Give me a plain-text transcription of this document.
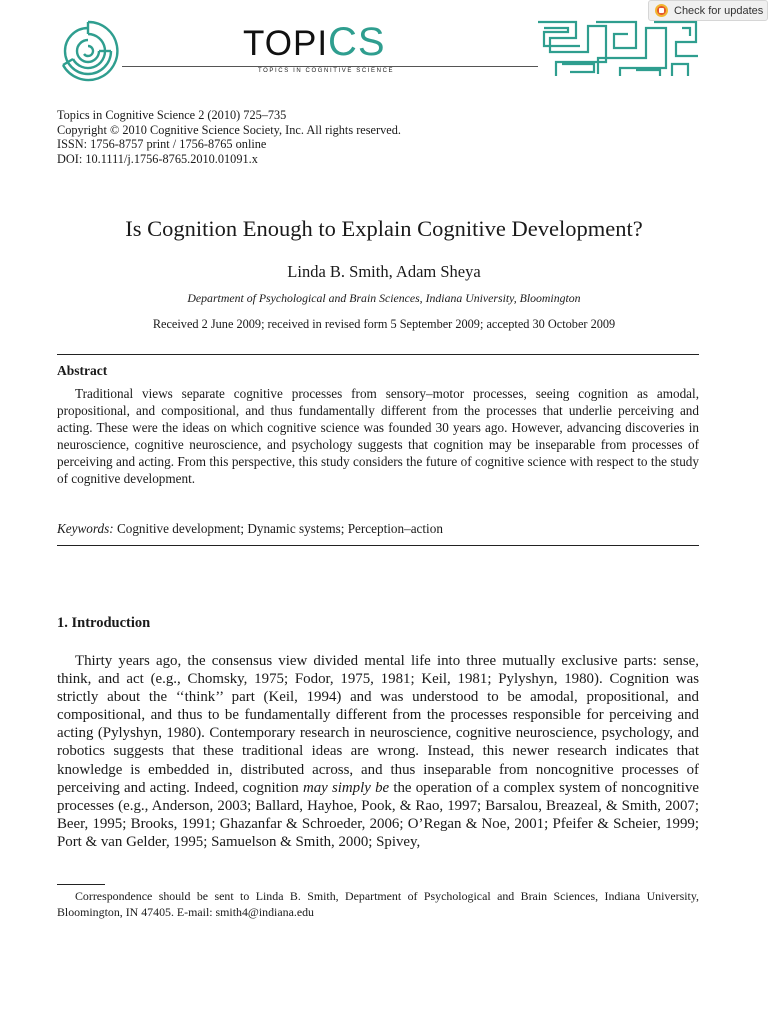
TOPICS
TOPICS IN COGNITIVE SCIENCE
Check for updates
Topics in Cognitive Science 2 (2010) 725–735
Copyright © 2010 Cognitive Science Society, Inc. All rights reserved.
ISSN: 1756-8757 print / 1756-8765 online
DOI: 10.1111/j.1756-8765.2010.01091.x
Is Cognition Enough to Explain Cognitive Development?
Linda B. Smith, Adam Sheya
Department of Psychological and Brain Sciences, Indiana University, Bloomington
Received 2 June 2009; received in revised form 5 September 2009; accepted 30 October 2009
Abstract
Traditional views separate cognitive processes from sensory–motor processes, seeing cognition as amodal, propositional, and compositional, and thus fundamentally different from the processes that underlie perceiving and acting. These were the ideas on which cognitive science was founded 30 years ago. However, advancing discoveries in neuroscience, cognitive neuroscience, and psychology suggests that cognition may be inseparable from processes of perceiving and acting. From this perspective, this study considers the future of cognitive science with respect to the study of cognitive development.
Keywords: Cognitive development; Dynamic systems; Perception–action
1. Introduction
Thirty years ago, the consensus view divided mental life into three mutually exclusive parts: sense, think, and act (e.g., Chomsky, 1975; Fodor, 1975, 1981; Keil, 1981; Pylyshyn, 1980). Cognition was strictly about the ‘‘think’’ part (Keil, 1994) and was understood to be amodal, propositional, and compositional, and thus to be fundamentally different from the processes responsible for perceiving and acting (Pylyshyn, 1980). Contemporary research in neuroscience, cognitive neuroscience, psychology, and robotics suggests that these traditional ideas are wrong. Instead, this newer research indicates that knowledge is embedded in, distributed across, and thus inseparable from noncognitive processes of perceiving and acting. Indeed, cognition may simply be the operation of a complex system of noncognitive processes (e.g., Anderson, 2003; Ballard, Hayhoe, Pook, & Rao, 1997; Barsalou, Breazeal, & Smith, 2007; Beer, 1995; Brooks, 1991; Ghazanfar & Schroeder, 2006; O’Regan & Noe, 2001; Pfeifer & Scheier, 1999; Port & van Gelder, 1995; Samuelson & Smith, 2000; Spivey,
Correspondence should be sent to Linda B. Smith, Department of Psychological and Brain Sciences, Indiana University, Bloomington, IN 47405. E-mail: smith4@indiana.edu
